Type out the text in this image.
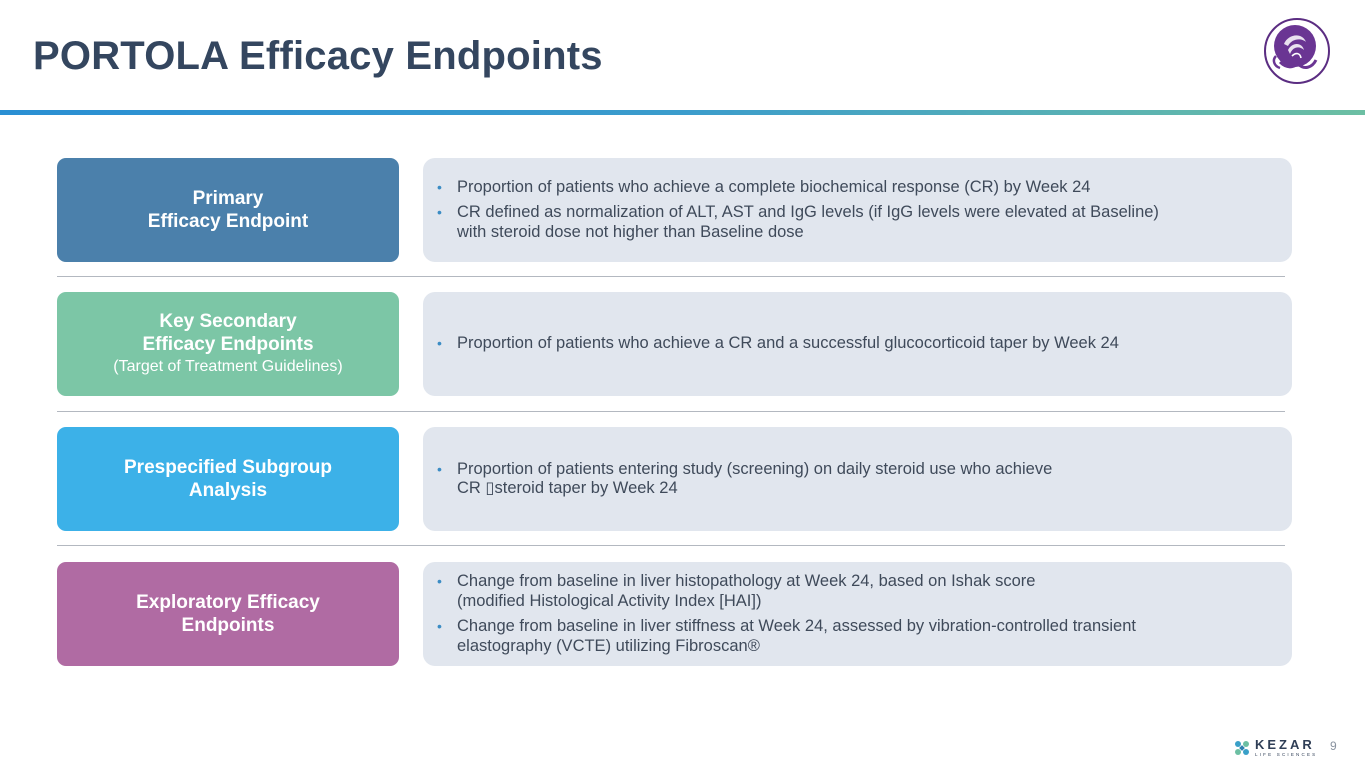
PORTOLA Efficacy Endpoints
Primary
Efficacy Endpoint
• Proportion of patients who achieve a complete biochemical response (CR) by Week 24
• CR defined as normalization of ALT, AST and IgG levels (if IgG levels were elevated at Baseline)
with steroid dose not higher than Baseline dose
Key Secondary
Efficacy Endpoints
(Target of Treatment Guidelines)
• Proportion of patients who achieve a CR and a successful glucocorticoid taper by Week 24
Prespecified Subgroup
Analysis
• Proportion of patients entering study (screening) on daily steroid use who achieve
CR ▯steroid taper by Week 24
Exploratory Efficacy
Endpoints
• Change from baseline in liver histopathology at Week 24, based on Ishak score
(modified Histological Activity Index [HAI])
• Change from baseline in liver stiffness at Week 24, assessed by vibration-controlled transient
elastography (VCTE) utilizing Fibroscan®
KEZAR
LIFE SCIENCES
9
